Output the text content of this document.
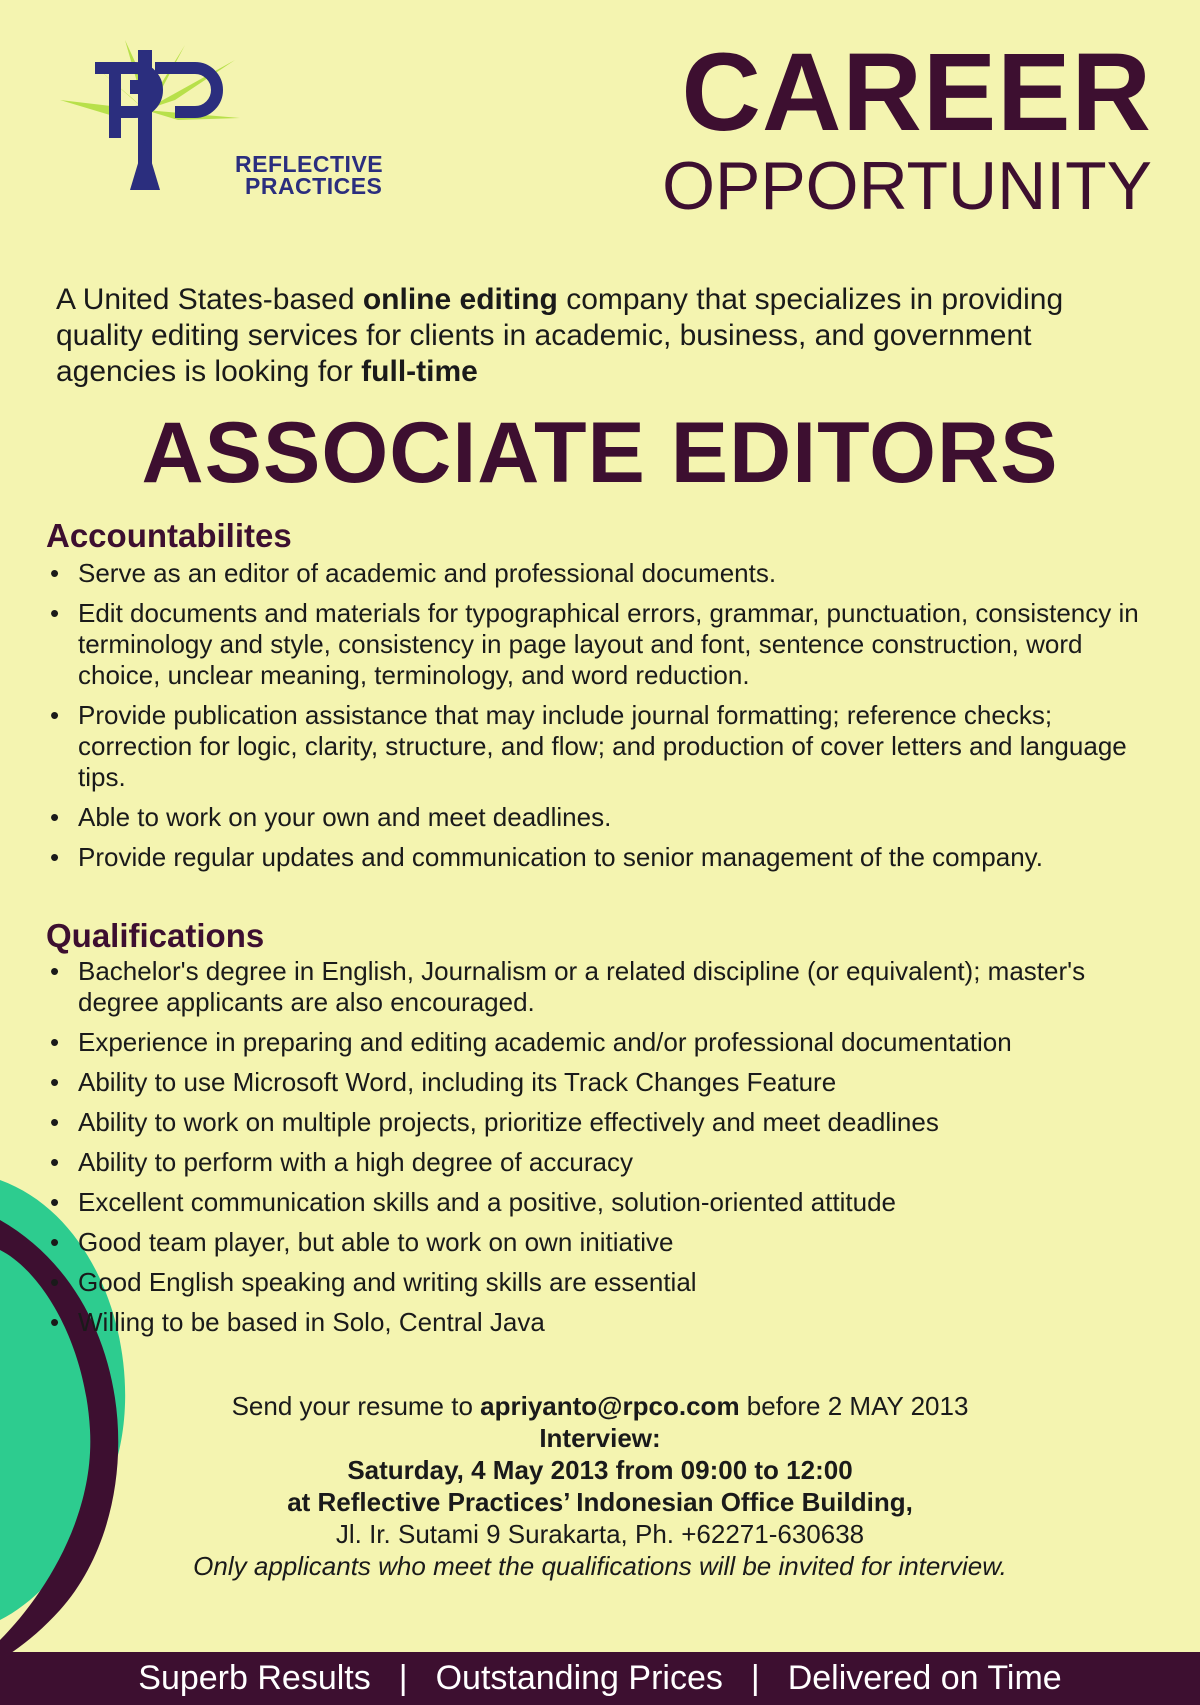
REFLECTIVE
PRACTICES
CAREER
OPPORTUNITY
A United States-based online editing company that specializes in providing quality editing services for clients in academic, business, and government agencies is looking for full-time
ASSOCIATE EDITORS
Accountabilites
• Serve as an editor of academic and professional documents.
• Edit documents and materials for typographical errors, grammar, punctuation, consistency in terminology and style, consistency in page layout and font, sentence construction, word choice, unclear meaning, terminology, and word reduction.
• Provide publication assistance that may include journal formatting; reference checks; correction for logic, clarity, structure, and flow; and production of cover letters and language tips.
• Able to work on your own and meet deadlines.
• Provide regular updates and communication to senior management of the company.
Qualifications
• Bachelor's degree in English, Journalism or a related discipline (or equivalent); master's degree applicants are also encouraged.
• Experience in preparing and editing academic and/or professional documentation
• Ability to use Microsoft Word, including its Track Changes Feature
• Ability to work on multiple projects, prioritize effectively and meet deadlines
• Ability to perform with a high degree of accuracy
• Excellent communication skills and a positive, solution-oriented attitude
• Good team player, but able to work on own initiative
• Good English speaking and writing skills are essential
• Willing to be based in Solo, Central Java
Send your resume to apriyanto@rpco.com before 2 MAY 2013
Interview:
Saturday, 4 May 2013 from 09:00 to 12:00
at Reflective Practices’ Indonesian Office Building,
Jl. Ir. Sutami 9 Surakarta, Ph. +62271-630638
Only applicants who meet the qualifications will be invited for interview.
Superb Results | Outstanding Prices | Delivered on Time
